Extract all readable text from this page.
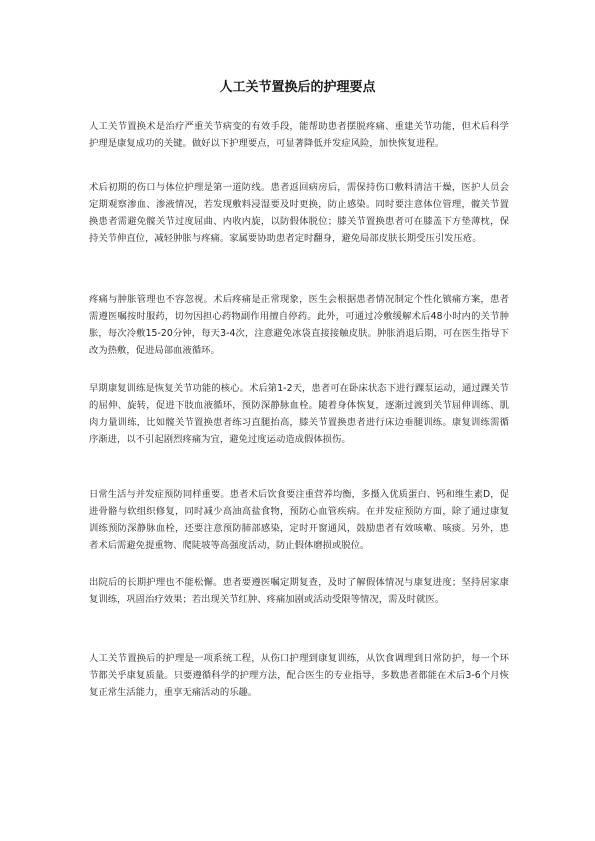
人工关节置换后的护理要点

人工关节置换术是治疗严重关节病变的有效手段，能帮助患者摆脱疼痛、重建关节功能，但术后科学护理是康复成功的关键。做好以下护理要点，可显著降低并发症风险，加快恢复进程。

术后初期的伤口与体位护理是第一道防线。患者返回病房后，需保持伤口敷料清洁干燥，医护人员会定期观察渗血、渗液情况，若发现敷料浸湿要及时更换，防止感染。同时要注意体位管理，髋关节置换患者需避免髋关节过度屈曲、内收内旋，以防假体脱位；膝关节置换患者可在膝盖下方垫薄枕，保持关节伸直位，减轻肿胀与疼痛。家属要协助患者定时翻身，避免局部皮肤长期受压引发压疮。

疼痛与肿胀管理也不容忽视。术后疼痛是正常现象，医生会根据患者情况制定个性化镇痛方案，患者需遵医嘱按时服药，切勿因担心药物副作用擅自停药。此外，可通过冷敷缓解术后48小时内的关节肿胀，每次冷敷15-20分钟，每天3-4次，注意避免冰袋直接接触皮肤。肿胀消退后期，可在医生指导下改为热敷，促进局部血液循环。

早期康复训练是恢复关节功能的核心。术后第1-2天，患者可在卧床状态下进行踝泵运动，通过踝关节的屈伸、旋转，促进下肢血液循环，预防深静脉血栓。随着身体恢复，逐渐过渡到关节屈伸训练、肌肉力量训练，比如髋关节置换患者练习直腿抬高，膝关节置换患者进行床边垂腿训练。康复训练需循序渐进，以不引起剧烈疼痛为宜，避免过度运动造成假体损伤。

日常生活与并发症预防同样重要。患者术后饮食要注重营养均衡，多摄入优质蛋白、钙和维生素D，促进骨骼与软组织修复，同时减少高油高盐食物，预防心血管疾病。在并发症预防方面，除了通过康复训练预防深静脉血栓，还要注意预防肺部感染，定时开窗通风，鼓励患者有效咳嗽、咳痰。另外，患者术后需避免提重物、爬陡坡等高强度活动，防止假体磨损或脱位。

出院后的长期护理也不能松懈。患者要遵医嘱定期复查，及时了解假体情况与康复进度；坚持居家康复训练，巩固治疗效果；若出现关节红肿、疼痛加剧或活动受限等情况，需及时就医。

人工关节置换后的护理是一项系统工程，从伤口护理到康复训练，从饮食调理到日常防护，每一个环节都关乎康复质量。只要遵循科学的护理方法，配合医生的专业指导，多数患者都能在术后3-6个月恢复正常生活能力，重享无痛活动的乐趣。
